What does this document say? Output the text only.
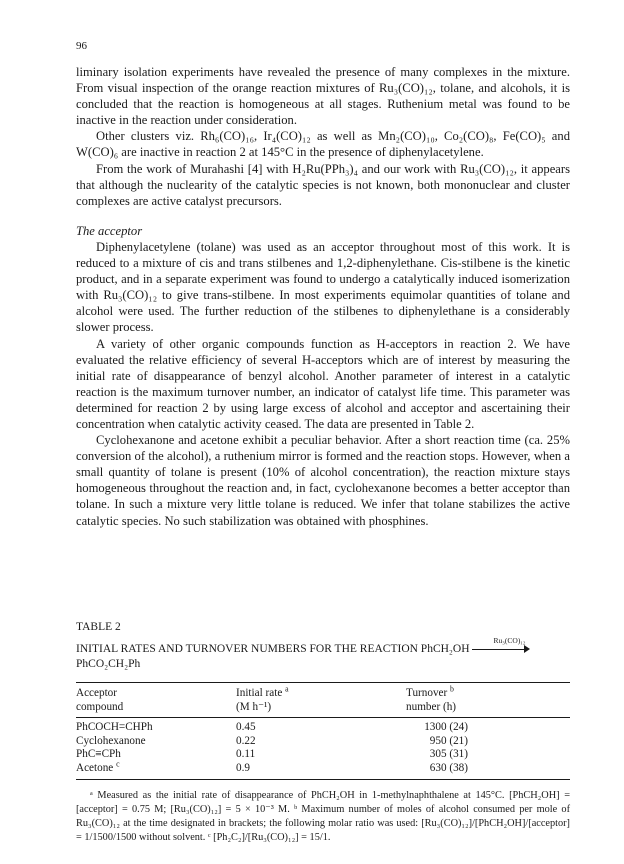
96

liminary isolation experiments have revealed the presence of many complexes in the mixture. From visual inspection of the orange reaction mixtures of Ru₃(CO)₁₂, tolane, and alcohols, it is concluded that the reaction is homogeneous at all stages. Ruthenium metal was found to be inactive in the reaction under consideration.

Other clusters viz. Rh₆(CO)₁₆, Ir₄(CO)₁₂ as well as Mn₂(CO)₁₀, Co₂(CO)₈, Fe(CO)₅ and W(CO)₆ are inactive in reaction 2 at 145°C in the presence of diphenylacetylene.

From the work of Murahashi [4] with H₂Ru(PPh₃)₄ and our work with Ru₃(CO)₁₂, it appears that although the nuclearity of the catalytic species is not known, both mononuclear and cluster complexes are active catalyst precursors.

The acceptor

Diphenylacetylene (tolane) was used as an acceptor throughout most of this work. It is reduced to a mixture of cis and trans stilbenes and 1,2-diphenylethane. Cis-stilbene is the kinetic product, and in a separate experiment was found to undergo a catalytically induced isomerization with Ru₃(CO)₁₂ to give trans-stilbene. In most experiments equimolar quantities of tolane and alcohol were used. The further reduction of the stilbenes to diphenylethane is a considerably slower process.

A variety of other organic compounds function as H-acceptors in reaction 2. We have evaluated the relative efficiency of several H-acceptors which are of interest by measuring the initial rate of disappearance of benzyl alcohol. Another parameter of interest in a catalytic reaction is the maximum turnover number, an indicator of catalyst life time. This parameter was determined for reaction 2 by using large excess of alcohol and acceptor and ascertaining their concentration when catalytic activity ceased. The data are presented in Table 2.

Cyclohexanone and acetone exhibit a peculiar behavior. After a short reaction time (ca. 25% conversion of the alcohol), a ruthenium mirror is formed and the reaction stops. However, when a small quantity of tolane is present (10% of alcohol concentration), the reaction mixture stays homogeneous throughout the reaction and, in fact, cyclohexanone becomes a better acceptor than tolane. In such a mixture very little tolane is reduced. We infer that tolane stabilizes the active catalytic species. No such stabilization was obtained with phosphines.

TABLE 2

INITIAL RATES AND TURNOVER NUMBERS FOR THE REACTION PhCH₂OH
Ru₃(CO)₁₂

PhCO₂CH₂Ph

Acceptor	Initial rate $^a$	Turnover $^b$
compound	(M h⁻¹)	number (h)
PhCOCH=CHPh	0.45	1300 (24)
Cyclohexanone	0.22	950 (21)
PhC≡CPh	0.11	305 (31)
Acetone $^c$	0.9	630 (38)

ᵃ Measured as the initial rate of disappearance of PhCH₂OH in 1-methylnaphthalene at 145°C. [PhCH₂OH] = [acceptor] = 0.75 M; [Ru₃(CO)₁₂] = 5 × 10⁻³ M. ᵇ Maximum number of moles of alcohol consumed per mole of Ru₃(CO)₁₂ at the time designated in brackets; the following molar ratio was used: [Ru₃(CO)₁₂]/[PhCH₂OH]/[acceptor] = 1/1500/1500 without solvent. ᶜ [Ph₂C₂]/[Ru₃(CO)₁₂] = 15/1.
